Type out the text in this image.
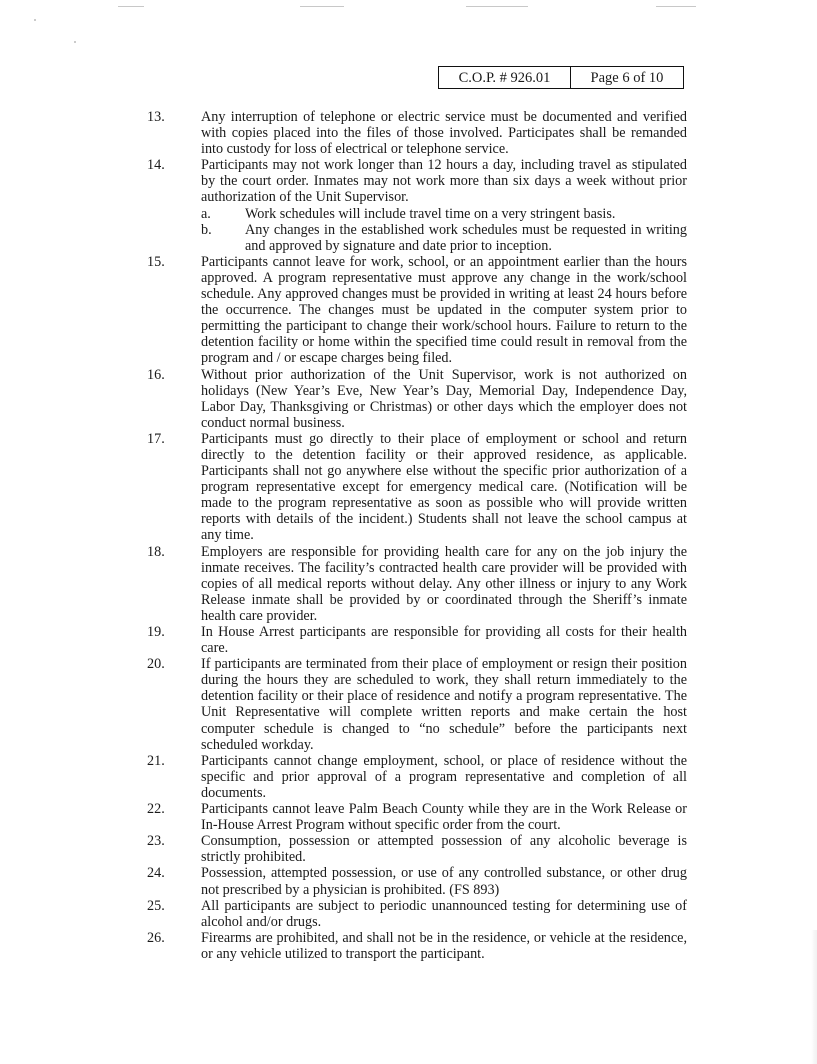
C.O.P. # 926.01	Page 6 of 10
13.	Any interruption of telephone or electric service must be documented and verified with copies placed into the files of those involved. Participates shall be remanded into custody for loss of electrical or telephone service.
14.	Participants may not work longer than 12 hours a day, including travel as stipulated by the court order. Inmates may not work more than six days a week without prior authorization of the Unit Supervisor.
a.	Work schedules will include travel time on a very stringent basis.
b.	Any changes in the established work schedules must be requested in writing and approved by signature and date prior to inception.
15.	Participants cannot leave for work, school, or an appointment earlier than the hours approved. A program representative must approve any change in the work/school schedule. Any approved changes must be provided in writing at least 24 hours before the occurrence. The changes must be updated in the computer system prior to permitting the participant to change their work/school hours. Failure to return to the detention facility or home within the specified time could result in removal from the program and / or escape charges being filed.
16.	Without prior authorization of the Unit Supervisor, work is not authorized on holidays (New Year’s Eve, New Year’s Day, Memorial Day, Independence Day, Labor Day, Thanksgiving or Christmas) or other days which the employer does not conduct normal business.
17.	Participants must go directly to their place of employment or school and return directly to the detention facility or their approved residence, as applicable. Participants shall not go anywhere else without the specific prior authorization of a program representative except for emergency medical care. (Notification will be made to the program representative as soon as possible who will provide written reports with details of the incident.) Students shall not leave the school campus at any time.
18.	Employers are responsible for providing health care for any on the job injury the inmate receives. The facility’s contracted health care provider will be provided with copies of all medical reports without delay. Any other illness or injury to any Work Release inmate shall be provided by or coordinated through the Sheriff’s inmate health care provider.
19.	In House Arrest participants are responsible for providing all costs for their health care.
20.	If participants are terminated from their place of employment or resign their position during the hours they are scheduled to work, they shall return immediately to the detention facility or their place of residence and notify a program representative. The Unit Representative will complete written reports and make certain the host computer schedule is changed to “no schedule” before the participants next scheduled workday.
21.	Participants cannot change employment, school, or place of residence without the specific and prior approval of a program representative and completion of all documents.
22.	Participants cannot leave Palm Beach County while they are in the Work Release or In-House Arrest Program without specific order from the court.
23.	Consumption, possession or attempted possession of any alcoholic beverage is strictly prohibited.
24.	Possession, attempted possession, or use of any controlled substance, or other drug not prescribed by a physician is prohibited. (FS 893)
25.	All participants are subject to periodic unannounced testing for determining use of alcohol and/or drugs.
26.	Firearms are prohibited, and shall not be in the residence, or vehicle at the residence, or any vehicle utilized to transport the participant.
